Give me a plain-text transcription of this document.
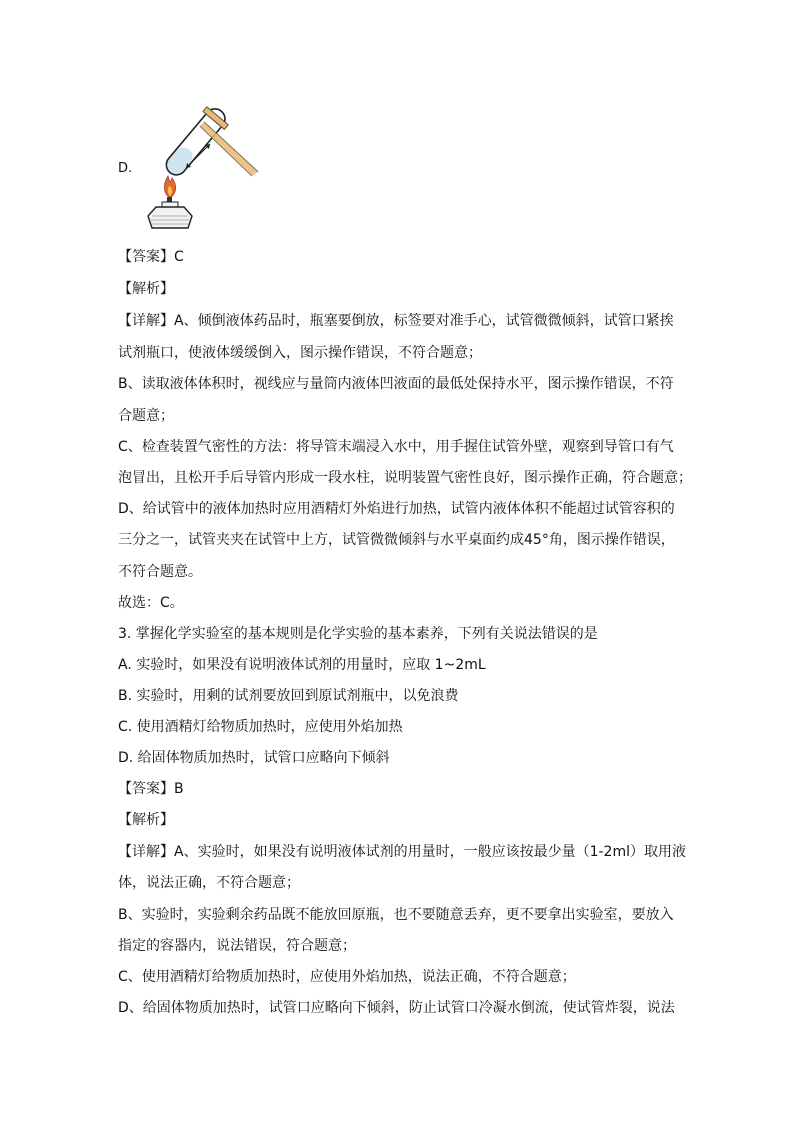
D.
【答案】C
【解析】
【详解】A、倾倒液体药品时，瓶塞要倒放，标签要对准手心，试管微微倾斜，试管口紧挨
试剂瓶口，使液体缓缓倒入，图示操作错误，不符合题意；
B、读取液体体积时，视线应与量筒内液体凹液面的最低处保持水平，图示操作错误，不符
合题意；
C、检查装置气密性的方法：将导管末端浸入水中，用手握住试管外壁，观察到导管口有气
泡冒出，且松开手后导管内形成一段水柱，说明装置气密性良好，图示操作正确，符合题意；
D、给试管中的液体加热时应用酒精灯外焰进行加热，试管内液体体积不能超过试管容积的
三分之一，试管夹夹在试管中上方，试管微微倾斜与水平桌面约成45°角，图示操作错误，
不符合题意。
故选：C。
3. 掌握化学实验室的基本规则是化学实验的基本素养，下列有关说法错误的是
A. 实验时，如果没有说明液体试剂的用量时，应取 1~2mL
B. 实验时，用剩的试剂要放回到原试剂瓶中，以免浪费
C. 使用酒精灯给物质加热时，应使用外焰加热
D. 给固体物质加热时，试管口应略向下倾斜
【答案】B
【解析】
【详解】A、实验时，如果没有说明液体试剂的用量时，一般应该按最少量（1-2ml）取用液
体，说法正确，不符合题意；
B、实验时，实验剩余药品既不能放回原瓶，也不要随意丢弃，更不要拿出实验室，要放入
指定的容器内，说法错误，符合题意；
C、使用酒精灯给物质加热时，应使用外焰加热，说法正确，不符合题意；
D、给固体物质加热时，试管口应略向下倾斜，防止试管口冷凝水倒流，使试管炸裂，说法
